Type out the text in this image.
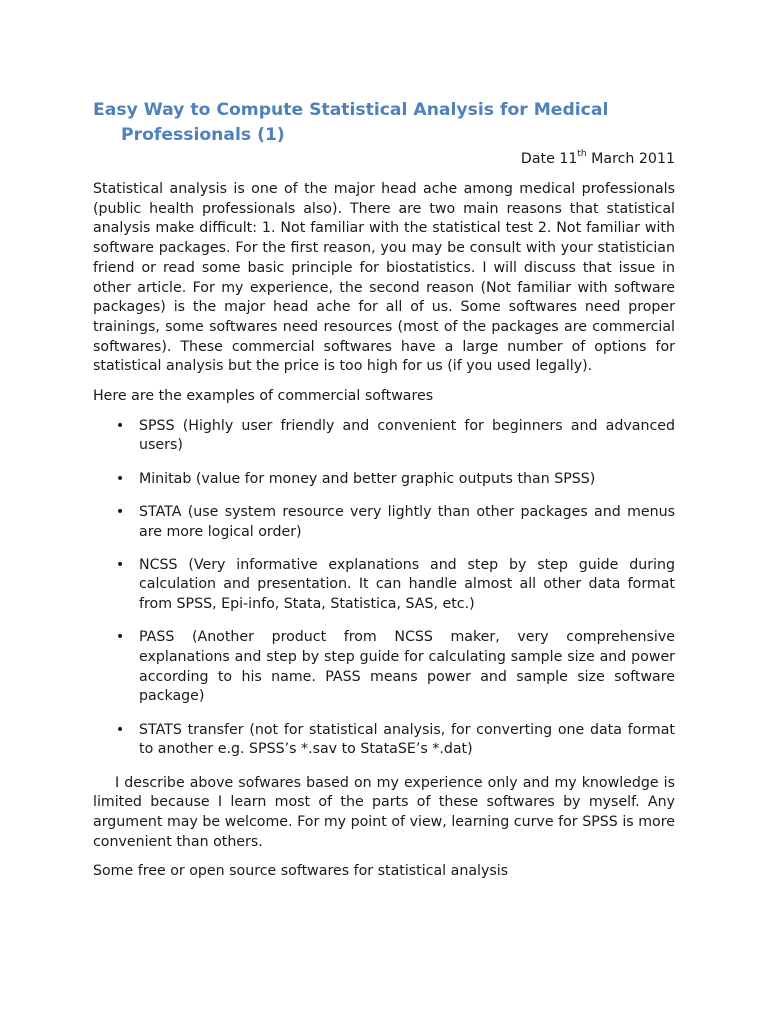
Easy Way to Compute Statistical Analysis for Medical
Professionals (1)
Date 11th March 2011

Statistical analysis is one of the major head ache among medical professionals (public health professionals also). There are two main reasons that statistical analysis make difficult: 1. Not familiar with the statistical test 2. Not familiar with software packages. For the first reason, you may be consult with your statistician friend or read some basic principle for biostatistics. I will discuss that issue in other article. For my experience, the second reason (Not familiar with software packages) is the major head ache for all of us. Some softwares need proper trainings, some softwares need resources (most of the packages are commercial softwares). These commercial softwares have a large number of options for statistical analysis but the price is too high for us (if you used legally).

Here are the examples of commercial softwares

• SPSS (Highly user friendly and convenient for beginners and advanced users)
• Minitab (value for money and better graphic outputs than SPSS)
• STATA (use system resource very lightly than other packages and menus are more logical order)
• NCSS (Very informative explanations and step by step guide during calculation and presentation. It can handle almost all other data format from SPSS, Epi-info, Stata, Statistica, SAS, etc.)
• PASS (Another product from NCSS maker, very comprehensive explanations and step by step guide for calculating sample size and power according to his name. PASS means power and sample size software package)
• STATS transfer (not for statistical analysis, for converting one data format to another e.g. SPSS’s *.sav to StataSE’s *.dat)

I describe above sofwares based on my experience only and my knowledge is limited because I learn most of the parts of these softwares by myself. Any argument may be welcome. For my point of view, learning curve for SPSS is more convenient than others.

Some free or open source softwares for statistical analysis
